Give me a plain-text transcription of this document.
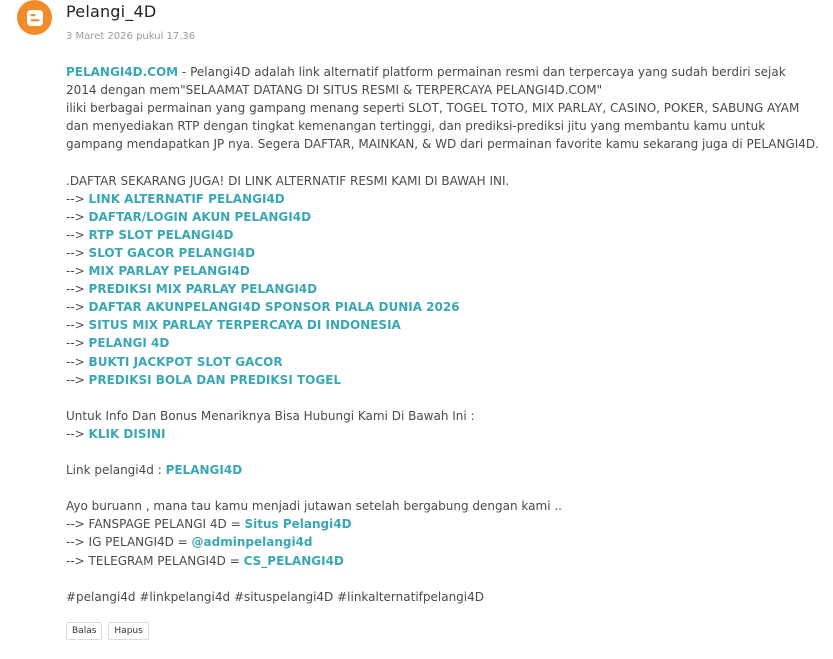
Pelangi_4D
3 Maret 2026 pukul 17.36

PELANGI4D.COM - Pelangi4D adalah link alternatif platform permainan resmi dan terpercaya yang sudah berdiri sejak

2014 dengan mem"SELAAMAT DATANG DI SITUS RESMI & TERPERCAYA PELANGI4D.COM"

iliki berbagai permainan yang gampang menang seperti SLOT, TOGEL TOTO, MIX PARLAY, CASINO, POKER, SABUNG AYAM

dan menyediakan RTP dengan tingkat kemenangan tertinggi, dan prediksi-prediksi jitu yang membantu kamu untuk

gampang mendapatkan JP nya. Segera DAFTAR, MAINKAN, & WD dari permainan favorite kamu sekarang juga di PELANGI4D.

.DAFTAR SEKARANG JUGA! DI LINK ALTERNATIF RESMI KAMI DI BAWAH INI.

--> LINK ALTERNATIF PELANGI4D

--> DAFTAR/LOGIN AKUN PELANGI4D

--> RTP SLOT PELANGI4D

--> SLOT GACOR PELANGI4D

--> MIX PARLAY PELANGI4D

--> PREDIKSI MIX PARLAY PELANGI4D

--> DAFTAR AKUNPELANGI4D SPONSOR PIALA DUNIA 2026

--> SITUS MIX PARLAY TERPERCAYA DI INDONESIA

--> PELANGI 4D

--> BUKTI JACKPOT SLOT GACOR

--> PREDIKSI BOLA DAN PREDIKSI TOGEL

Untuk Info Dan Bonus Menariknya Bisa Hubungi Kami Di Bawah Ini :

--> KLIK DISINI

Link pelangi4d : PELANGI4D

Ayo buruann , mana tau kamu menjadi jutawan setelah bergabung dengan kami ..

--> FANSPAGE PELANGI 4D = Situs Pelangi4D

--> IG PELANGI4D = @adminpelangi4d

--> TELEGRAM PELANGI4D = CS_PELANGI4D

#pelangi4d #linkpelangi4d #situspelangi4D #linkalternatifpelangi4D

Balas	Hapus
